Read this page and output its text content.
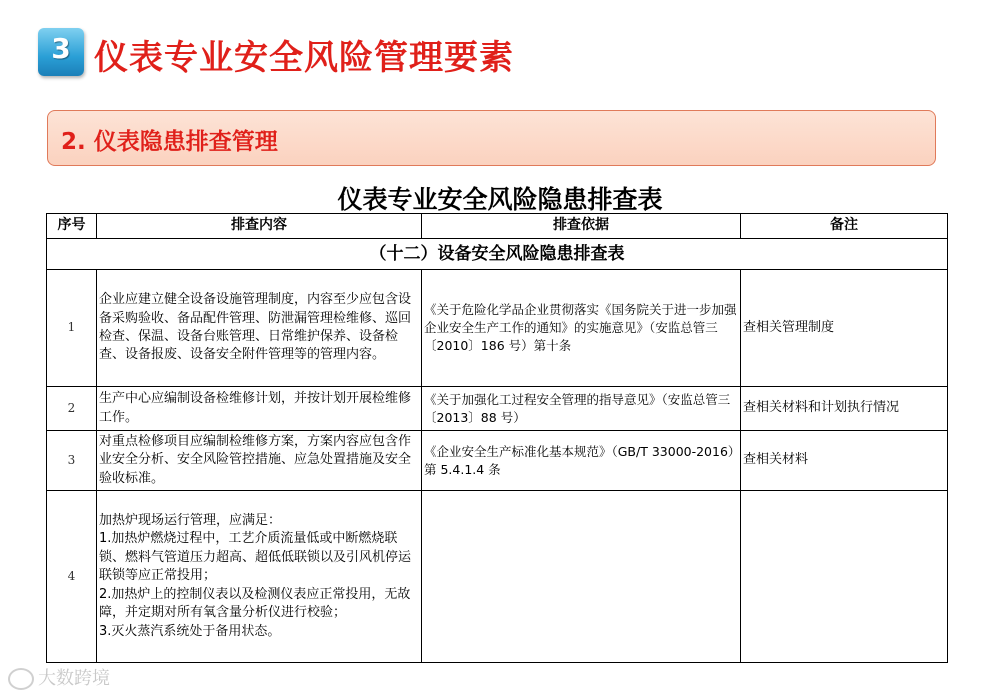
3 仪表专业安全风险管理要素
2. 仪表隐患排查管理
仪表专业安全风险隐患排查表
序号	排查内容	排查依据	备注
（十二）设备安全风险隐患排查表			
1	企业应建立健全设备设施管理制度，内容至少应包含设备采购验收、备品配件管理、防泄漏管理检维修、巡回检查、保温、设备台账管理、日常维护保养、设备检查、设备报废、设备安全附件管理等的管理内容。	《关于危险化学品企业贯彻落实《国务院关于进一步加强企业安全生产工作的通知》的实施意见》（安监总管三〔2010〕186 号）第十条	查相关管理制度
2	生产中心应编制设备检维修计划，并按计划开展检维修工作。	《关于加强化工过程安全管理的指导意见》（安监总管三〔2013〕88 号）	查相关材料和计划执行情况
3	对重点检修项目应编制检维修方案，方案内容应包含作业安全分析、安全风险管控措施、应急处置措施及安全验收标准。	《企业安全生产标准化基本规范》（GB/T 33000-2016）第 5.4.1.4 条	查相关材料
4	加热炉现场运行管理，应满足：
1.加热炉燃烧过程中，工艺介质流量低或中断燃烧联锁、燃料气管道压力超高、超低低联锁以及引风机停运联锁等应正常投用；
2.加热炉上的控制仪表以及检测仪表应正常投用，无故障，并定期对所有氧含量分析仪进行校验；
3.灭火蒸汽系统处于备用状态。		

大数跨境
